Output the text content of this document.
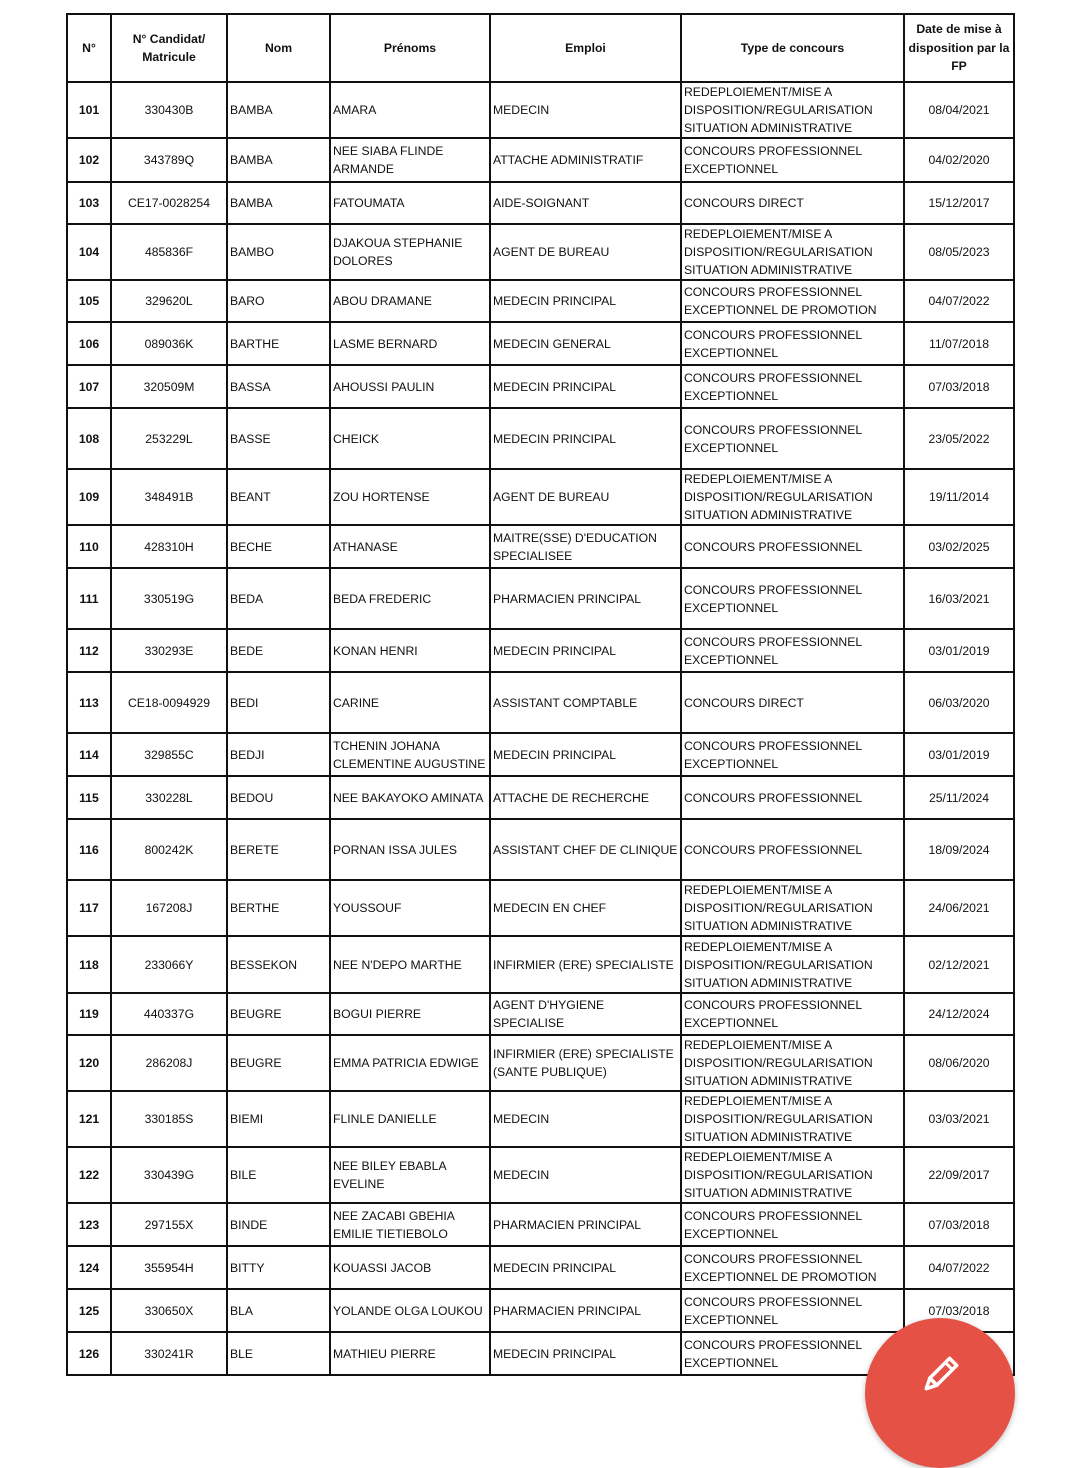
N°	N° Candidat/ Matricule	Nom	Prénoms	Emploi	Type de concours	Date de mise à disposition par la FP
101	330430B	BAMBA	AMARA	MEDECIN	REDEPLOIEMENT/MISE A DISPOSITION/REGULARISATION SITUATION ADMINISTRATIVE	08/04/2021
102	343789Q	BAMBA	NEE SIABA FLINDE ARMANDE	ATTACHE ADMINISTRATIF	CONCOURS PROFESSIONNEL EXCEPTIONNEL	04/02/2020
103	CE17-0028254	BAMBA	FATOUMATA	AIDE-SOIGNANT	CONCOURS DIRECT	15/12/2017
104	485836F	BAMBO	DJAKOUA STEPHANIE DOLORES	AGENT DE BUREAU	REDEPLOIEMENT/MISE A DISPOSITION/REGULARISATION SITUATION ADMINISTRATIVE	08/05/2023
105	329620L	BARO	ABOU DRAMANE	MEDECIN PRINCIPAL	CONCOURS PROFESSIONNEL EXCEPTIONNEL DE PROMOTION	04/07/2022
106	089036K	BARTHE	LASME BERNARD	MEDECIN GENERAL	CONCOURS PROFESSIONNEL EXCEPTIONNEL	11/07/2018
107	320509M	BASSA	AHOUSSI PAULIN	MEDECIN PRINCIPAL	CONCOURS PROFESSIONNEL EXCEPTIONNEL	07/03/2018
108	253229L	BASSE	CHEICK	MEDECIN PRINCIPAL	CONCOURS PROFESSIONNEL EXCEPTIONNEL	23/05/2022
109	348491B	BEANT	ZOU HORTENSE	AGENT DE BUREAU	REDEPLOIEMENT/MISE A DISPOSITION/REGULARISATION SITUATION ADMINISTRATIVE	19/11/2014
110	428310H	BECHE	ATHANASE	MAITRE(SSE) D'EDUCATION SPECIALISEE	CONCOURS PROFESSIONNEL	03/02/2025
111	330519G	BEDA	BEDA FREDERIC	PHARMACIEN PRINCIPAL	CONCOURS PROFESSIONNEL EXCEPTIONNEL	16/03/2021
112	330293E	BEDE	KONAN HENRI	MEDECIN PRINCIPAL	CONCOURS PROFESSIONNEL EXCEPTIONNEL	03/01/2019
113	CE18-0094929	BEDI	CARINE	ASSISTANT COMPTABLE	CONCOURS DIRECT	06/03/2020
114	329855C	BEDJI	TCHENIN JOHANA CLEMENTINE AUGUSTINE	MEDECIN PRINCIPAL	CONCOURS PROFESSIONNEL EXCEPTIONNEL	03/01/2019
115	330228L	BEDOU	NEE BAKAYOKO AMINATA	ATTACHE DE RECHERCHE	CONCOURS PROFESSIONNEL	25/11/2024
116	800242K	BERETE	PORNAN ISSA JULES	ASSISTANT CHEF DE CLINIQUE	CONCOURS PROFESSIONNEL	18/09/2024
117	167208J	BERTHE	YOUSSOUF	MEDECIN EN CHEF	REDEPLOIEMENT/MISE A DISPOSITION/REGULARISATION SITUATION ADMINISTRATIVE	24/06/2021
118	233066Y	BESSEKON	NEE N'DEPO MARTHE	INFIRMIER (ERE) SPECIALISTE	REDEPLOIEMENT/MISE A DISPOSITION/REGULARISATION SITUATION ADMINISTRATIVE	02/12/2021
119	440337G	BEUGRE	BOGUI PIERRE	AGENT D'HYGIENE SPECIALISE	CONCOURS PROFESSIONNEL EXCEPTIONNEL	24/12/2024
120	286208J	BEUGRE	EMMA PATRICIA EDWIGE	INFIRMIER (ERE) SPECIALISTE (SANTE PUBLIQUE)	REDEPLOIEMENT/MISE A DISPOSITION/REGULARISATION SITUATION ADMINISTRATIVE	08/06/2020
121	330185S	BIEMI	FLINLE DANIELLE	MEDECIN	REDEPLOIEMENT/MISE A DISPOSITION/REGULARISATION SITUATION ADMINISTRATIVE	03/03/2021
122	330439G	BILE	NEE BILEY EBABLA EVELINE	MEDECIN	REDEPLOIEMENT/MISE A DISPOSITION/REGULARISATION SITUATION ADMINISTRATIVE	22/09/2017
123	297155X	BINDE	NEE ZACABI GBEHIA EMILIE TIETIEBOLO	PHARMACIEN PRINCIPAL	CONCOURS PROFESSIONNEL EXCEPTIONNEL	07/03/2018
124	355954H	BITTY	KOUASSI JACOB	MEDECIN PRINCIPAL	CONCOURS PROFESSIONNEL EXCEPTIONNEL DE PROMOTION	04/07/2022
125	330650X	BLA	YOLANDE OLGA LOUKOU	PHARMACIEN PRINCIPAL	CONCOURS PROFESSIONNEL EXCEPTIONNEL	07/03/2018
126	330241R	BLE	MATHIEU PIERRE	MEDECIN PRINCIPAL	CONCOURS PROFESSIONNEL EXCEPTIONNEL	
